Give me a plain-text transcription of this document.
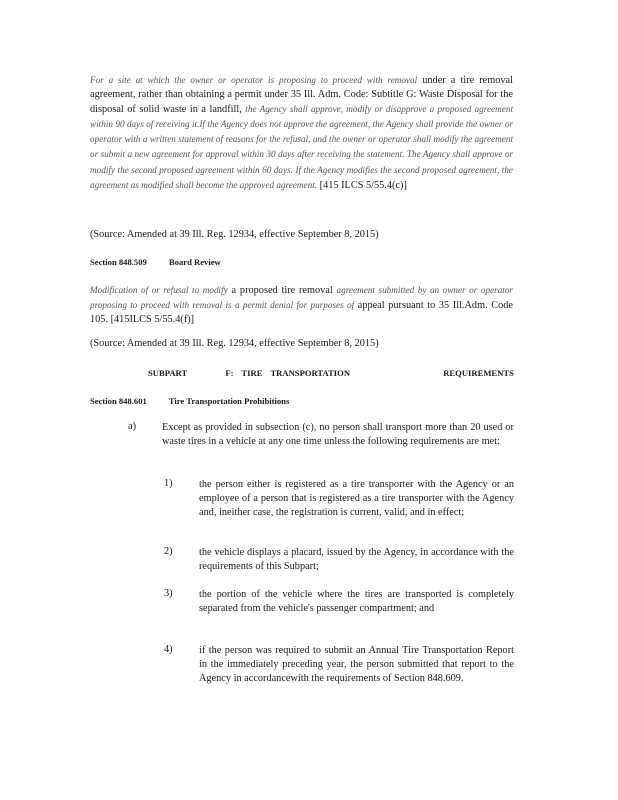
For a site at which the owner or operator is proposing to proceed with removal under a tire removal agreement, rather than obtaining a permit under 35 Ill. Adm. Code: Subtitle G: Waste Disposal for the disposal of solid waste in a landfill, the Agency shall approve, modify or disapprove a proposed agreement within 90 days of receiving it.If the Agency does not approve the agreement, the Agency shall provide the owner or operator with a written statement of reasons for the refusal, and the owner or operator shall modify the agreement or submit a new agreement for approval within 30 days after receiving the statement. The Agency shall approve or modify the second proposed agreement within 60 days. If the Agency modifies the second proposed agreement, the agreement as modified shall become the approved agreement. [415 ILCS 5/55.4(c)]
(Source: Amended at 39 Ill. Reg. 12934, effective September 8, 2015)
Section 848.509	Board Review
Modification of or refusal to modify a proposed tire removal agreement submitted by an owner or operator proposing to proceed with removal is a permit denial for purposes of appeal pursuant to 35 Ill.Adm. Code 105. [415ILCS 5/55.4(f)]
(Source: Amended at 39 Ill. Reg. 12934, effective September 8, 2015)
SUBPART	F: TIRE TRANSPORTATION	REQUIREMENTS
Section 848.601	Tire Transportation Prohibitions
a)	Except as provided in subsection (c), no person shall transport more than 20 used or waste tires in a vehicle at any one time unless the following requirements are met:
1)	the person either is registered as a tire transporter with the Agency or an employee of a person that is registered as a tire transporter with the Agency and, ineither case, the registration is current, valid, and in effect;
2)	the vehicle displays a placard, issued by the Agency, in accordance with the requirements of this Subpart;
3)	the portion of the vehicle where the tires are transported is completely separated from the vehicle's passenger compartment; and
4)	if the person was required to submit an Annual Tire Transportation Report in the immediately preceding year, the person submitted that report to the Agency in accordancewith the requirements of Section 848.609.
